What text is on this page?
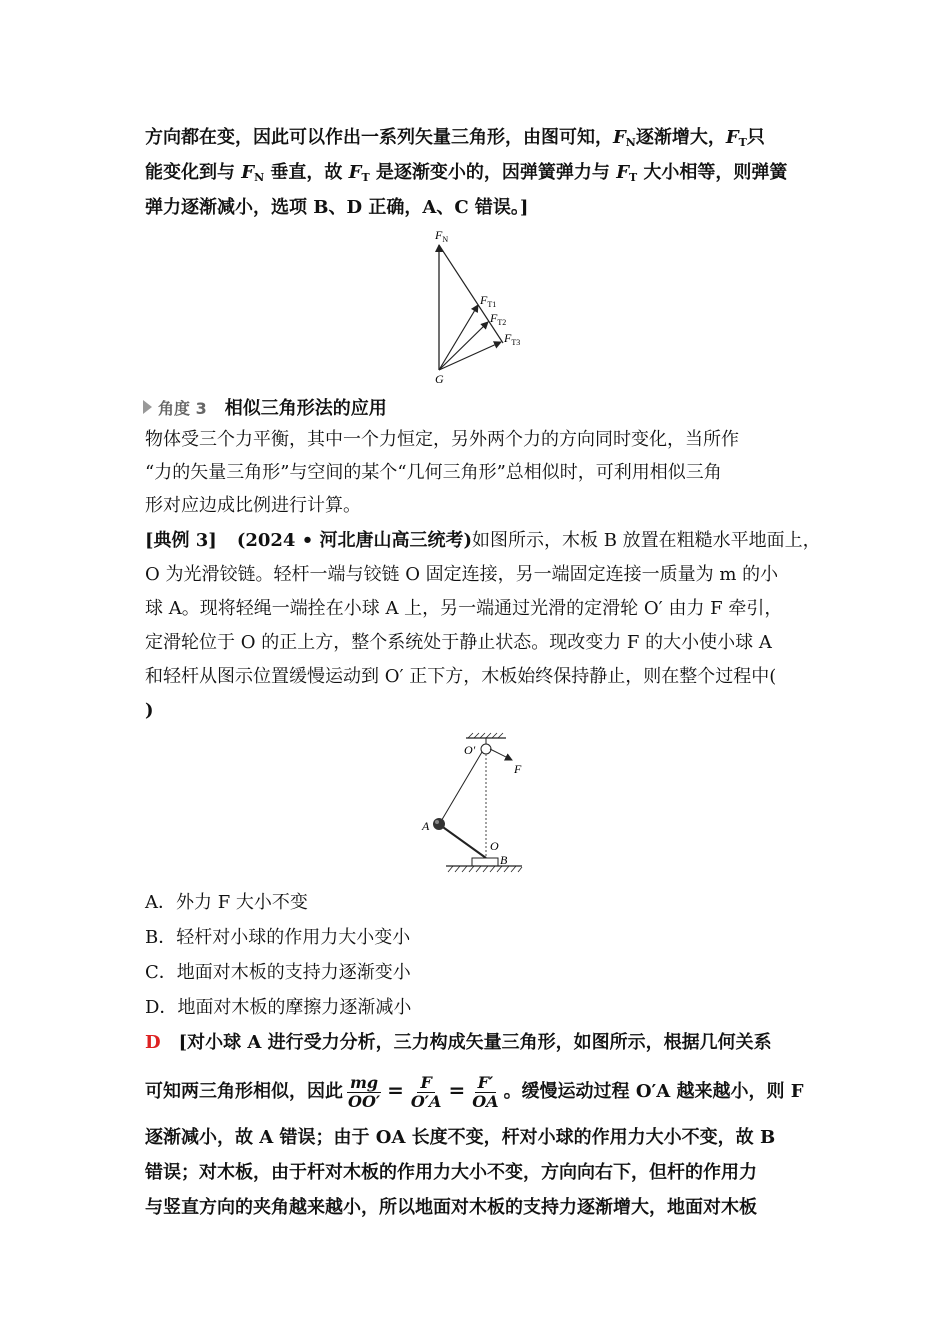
方向都在变，因此可以作出一系列矢量三角形，由图可知，$F_N$逐渐增大，$F_T$只
能变化到与 $F_N$ 垂直，故 $F_T$ 是逐渐变小的，因弹簧弹力与 $F_T$ 大小相等，则弹簧
弹力逐渐减小，选项 B、D 正确，A、C 错误。]
$F_N$
$F_{T1}$
$F_{T2}$
$F_{T3}$
G
角度 3 相似三角形法的应用
物体受三个力平衡，其中一个力恒定，另外两个力的方向同时变化，当所作
“力的矢量三角形”与空间的某个“几何三角形”总相似时，可利用相似三角
形对应边成比例进行计算。
[典例 3] (2024 • 河北唐山高三统考)如图所示，木板 B 放置在粗糙水平地面上，
O 为光滑铰链。轻杆一端与铰链 O 固定连接，另一端固定连接一质量为 m 的小
球 A。现将轻绳一端拴在小球 A 上，另一端通过光滑的定滑轮 O′ 由力 F 牵引，
定滑轮位于 O 的正上方，整个系统处于静止状态。现改变力 F 的大小使小球 A
和轻杆从图示位置缓慢运动到 O′ 正下方，木板始终保持静止，则在整个过程中(
)
O′
F
A
O
B
A．外力 F 大小不变
B．轻杆对小球的作用力大小变小
C．地面对木板的支持力逐渐变小
D．地面对木板的摩擦力逐渐减小
D [对小球 A 进行受力分析，三力构成矢量三角形，如图所示，根据几何关系
可知两三角形相似，因此 $\frac{mg}{OO'} = \frac{F}{O'A} = \frac{F'}{OA}$ 。缓慢运动过程 O′A 越来越小，则 F
逐渐减小，故 A 错误；由于 OA 长度不变，杆对小球的作用力大小不变，故 B
错误；对木板，由于杆对木板的作用力大小不变，方向向右下，但杆的作用力
与竖直方向的夹角越来越小，所以地面对木板的支持力逐渐增大，地面对木板
